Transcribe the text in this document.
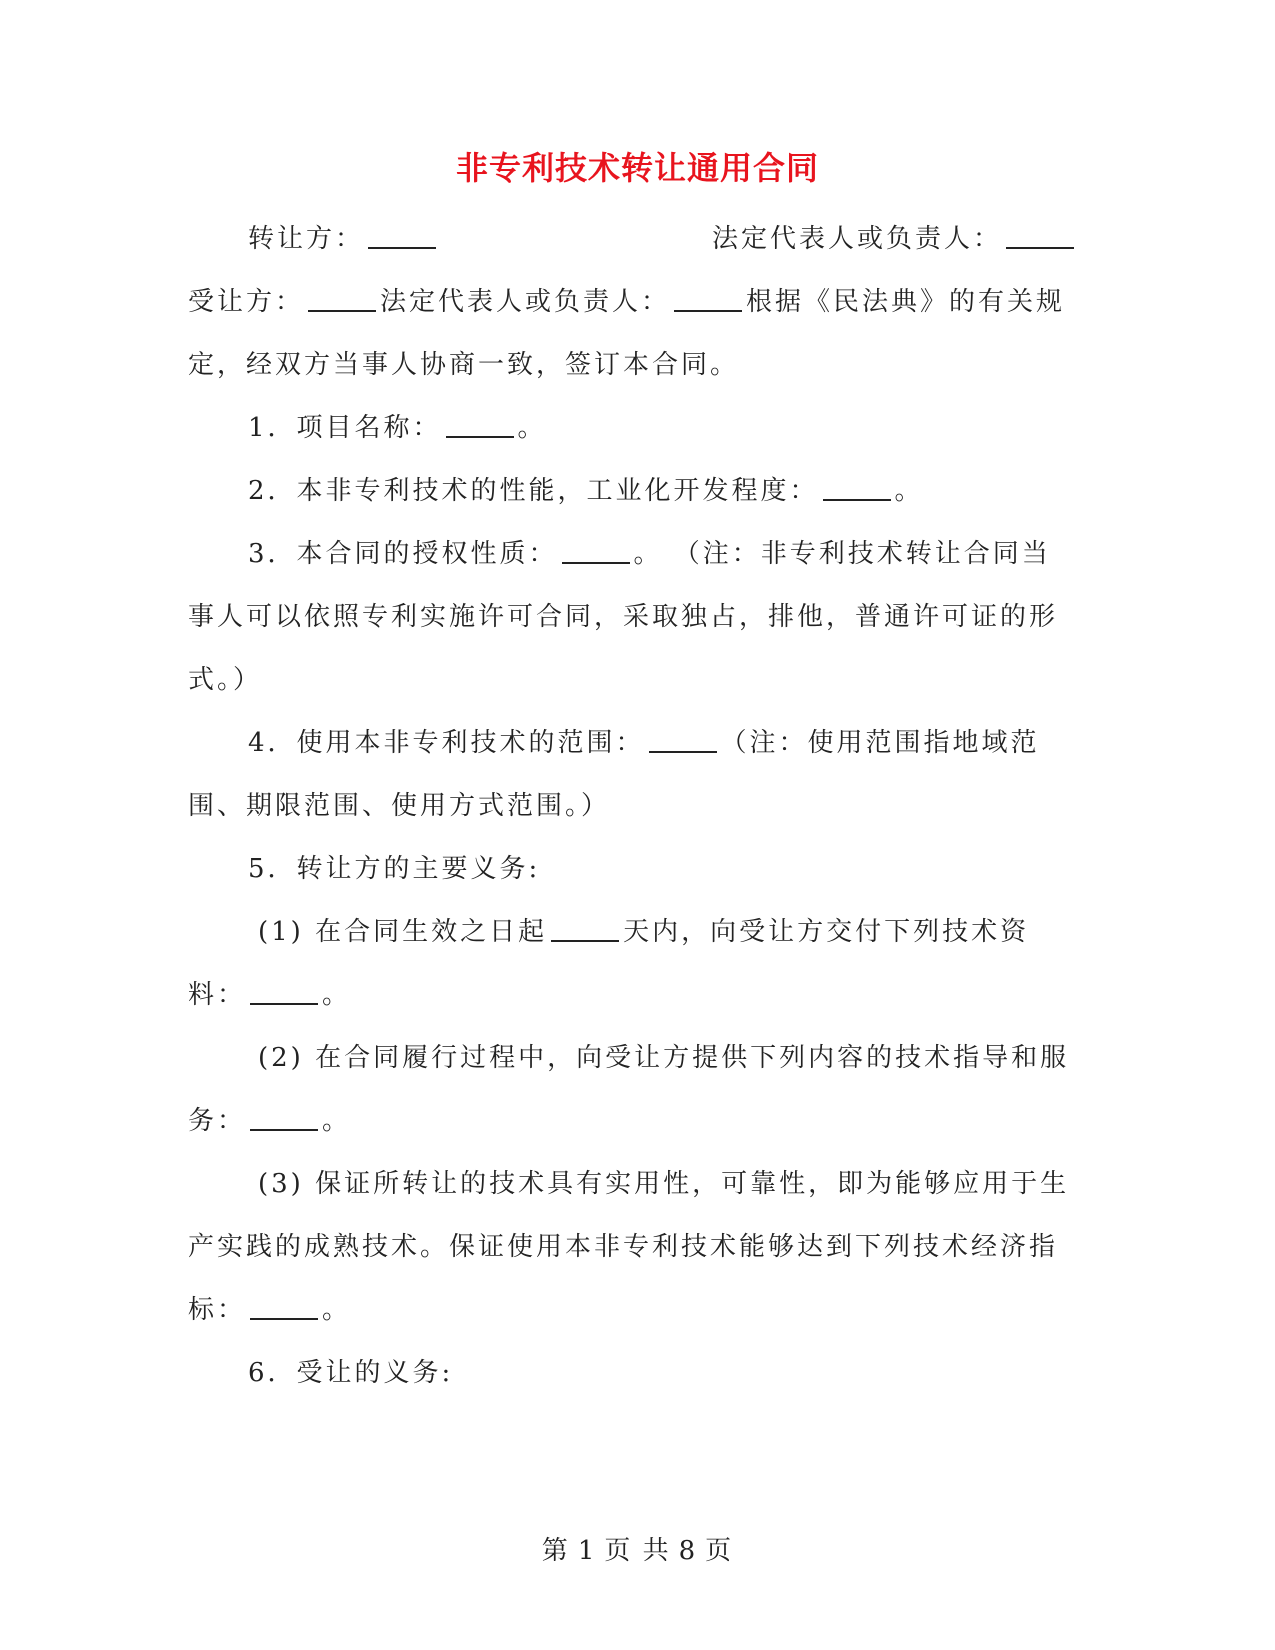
非专利技术转让通用合同
转让方：	法定代表人或负责人：

受让方：	法定代表人或负责人：	根据《民法典》的有关规定，经双方当事人协商一致，签订本合同。

1．项目名称：	。

2．本非专利技术的性能，工业化开发程度：	。

3．本合同的授权性质：	。 （注：非专利技术转让合同当事人可以依照专利实施许可合同，采取独占，排他，普通许可证的形式。）

4．使用本非专利技术的范围：	（注：使用范围指地域范围、期限范围、使用方式范围。）

5．转让方的主要义务:

(1) 在合同生效之日起	天内，向受让方交付下列技术资料：	。

(2) 在合同履行过程中，向受让方提供下列内容的技术指导和服务：	。

(3) 保证所转让的技术具有实用性，可靠性，即为能够应用于生产实践的成熟技术。保证使用本非专利技术能够达到下列技术经济指标：	。

6．受让的义务:

第 1 页 共 8 页
